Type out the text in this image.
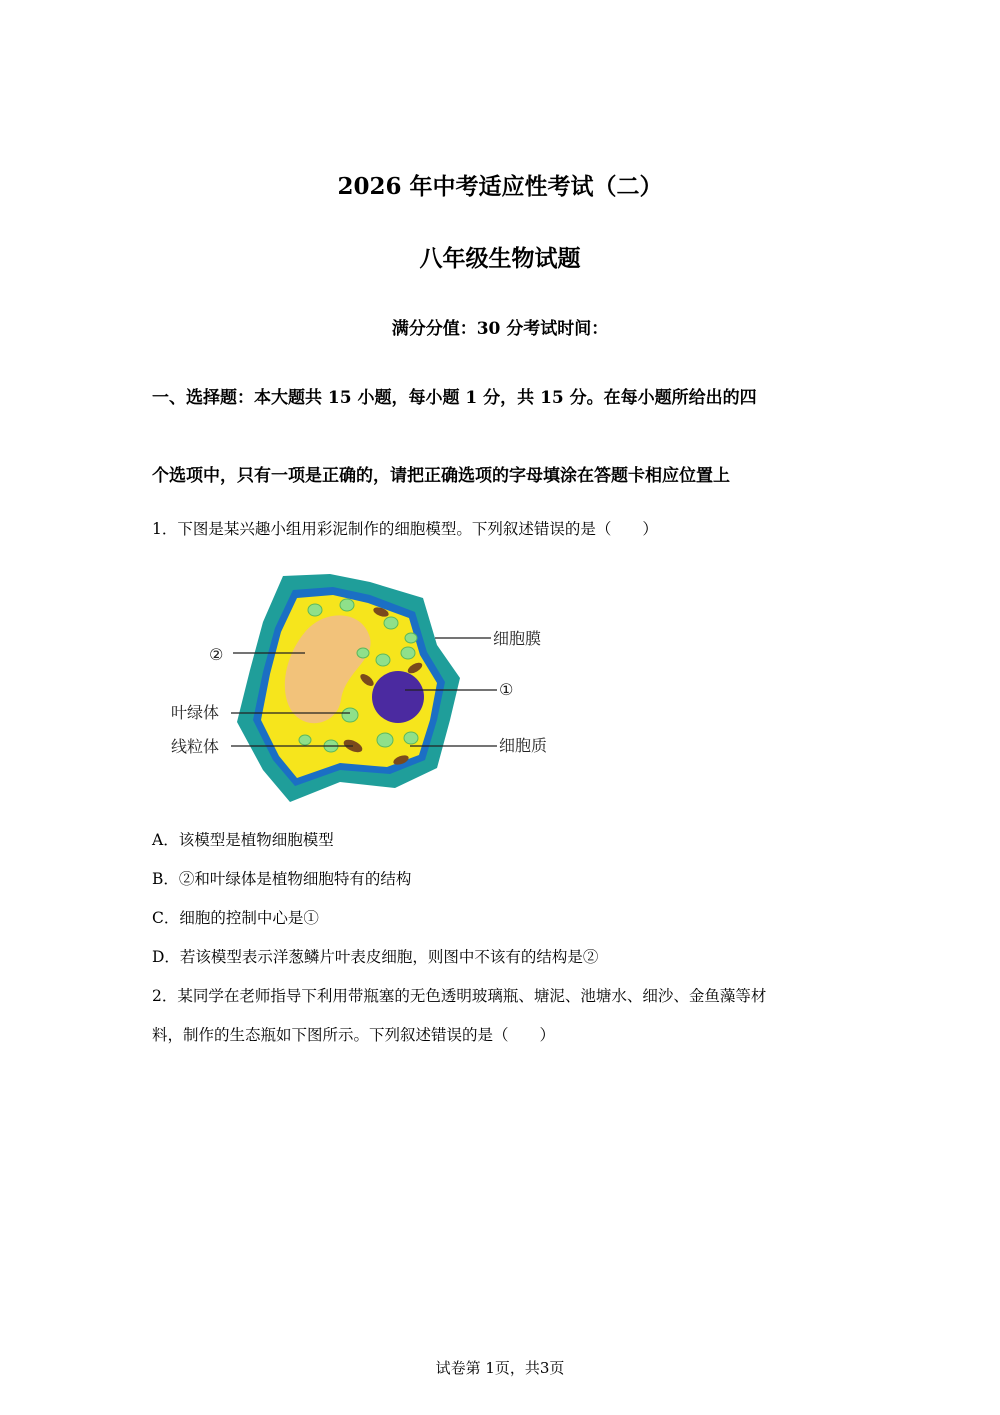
2026 年中考适应性考试（二）
八年级生物试题
满分分值：30 分考试时间：
一、选择题：本大题共 15 小题，每小题 1 分，共 15 分。在每小题所给出的四
个选项中，只有一项是正确的，请把正确选项的字母填涂在答题卡相应位置上
1．下图是某兴趣小组用彩泥制作的细胞模型。下列叙述错误的是（　　）
②
叶绿体
线粒体
细胞膜
①
细胞质
A．该模型是植物细胞模型
B．②和叶绿体是植物细胞特有的结构
C．细胞的控制中心是①
D．若该模型表示洋葱鳞片叶表皮细胞，则图中不该有的结构是②
2．某同学在老师指导下利用带瓶塞的无色透明玻璃瓶、塘泥、池塘水、细沙、金鱼藻等材
料，制作的生态瓶如下图所示。下列叙述错误的是（　　）
试卷第 1页，共3页
